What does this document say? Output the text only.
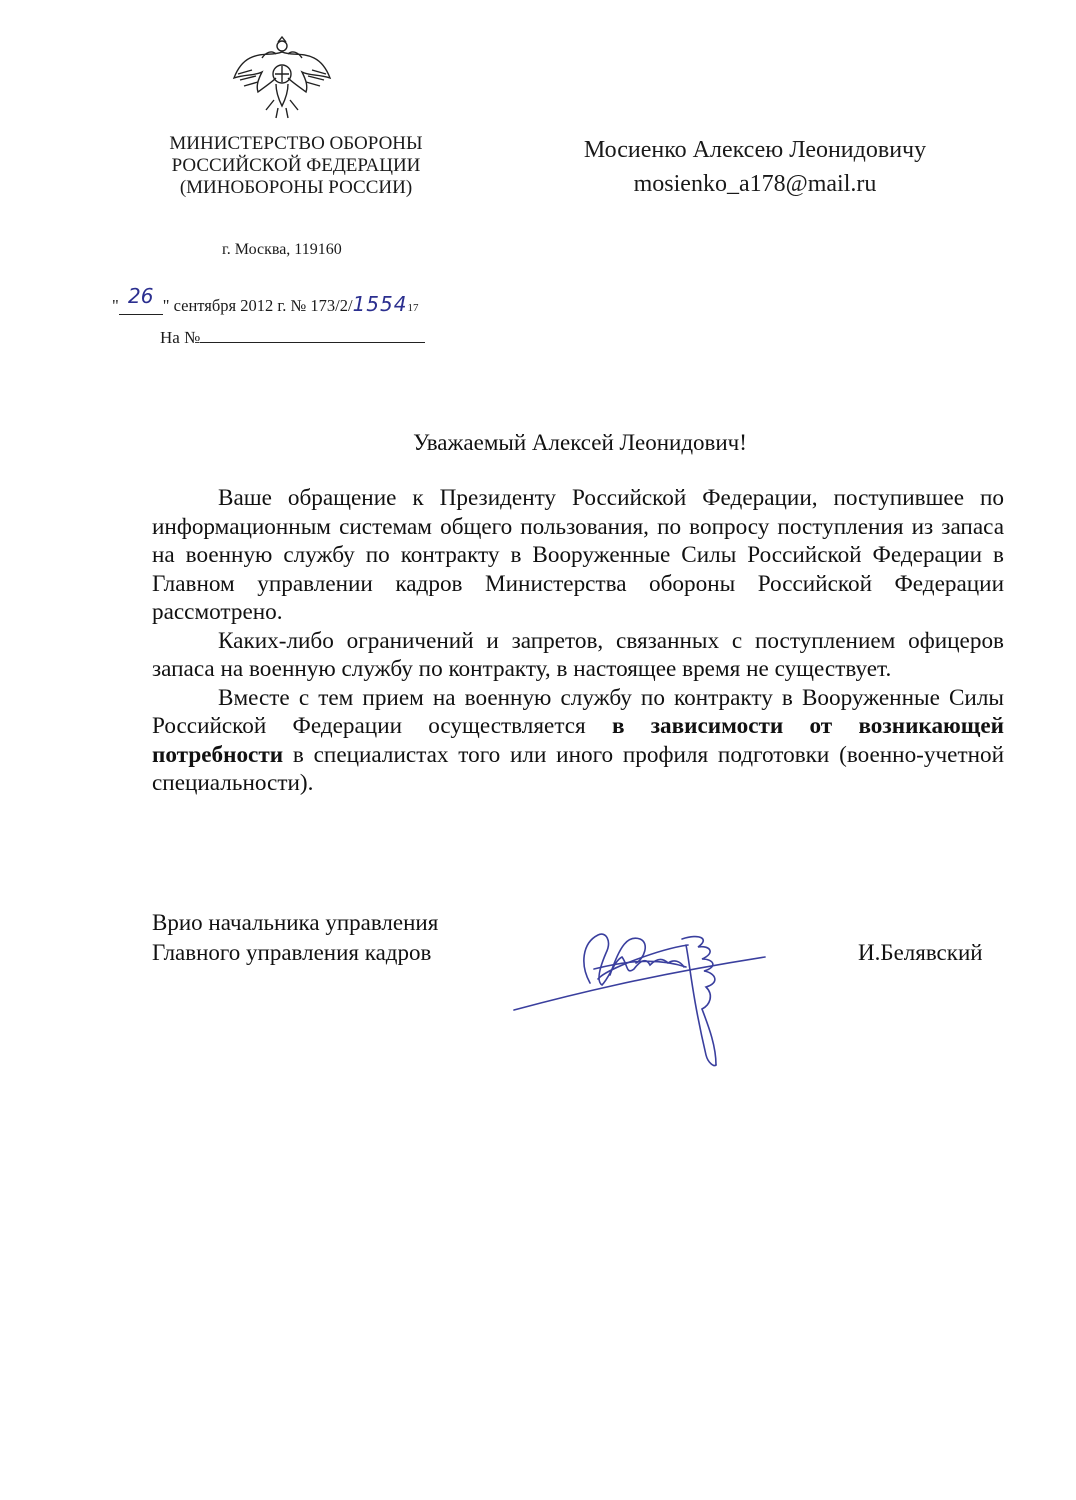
МИНИСТЕРСТВО ОБОРОНЫ
РОССИЙСКОЙ ФЕДЕРАЦИИ
(МИНОБОРОНЫ РОССИИ)
г. Москва, 119160
" 26 " сентября 2012 г. № 173/2/155417
На №
Мосиенко Алексею Леонидовичу
mosienko_a178@mail.ru
Уважаемый Алексей Леонидович!

Ваше обращение к Президенту Российской Федерации, поступившее по информационным системам общего пользования, по вопросу поступления из запаса на военную службу по контракту в Вооруженные Силы Российской Федерации в Главном управлении кадров Министерства обороны Российской Федерации рассмотрено.

Каких-либо ограничений и запретов, связанных с поступлением офицеров запаса на военную службу по контракту, в настоящее время не существует.

Вместе с тем прием на военную службу по контракту в Вооруженные Силы Российской Федерации осуществляется в зависимости от возникающей потребности в специалистах того или иного профиля подготовки (военно-учетной специальности).

Врио начальника управления
Главного управления кадров	И.Белявский
